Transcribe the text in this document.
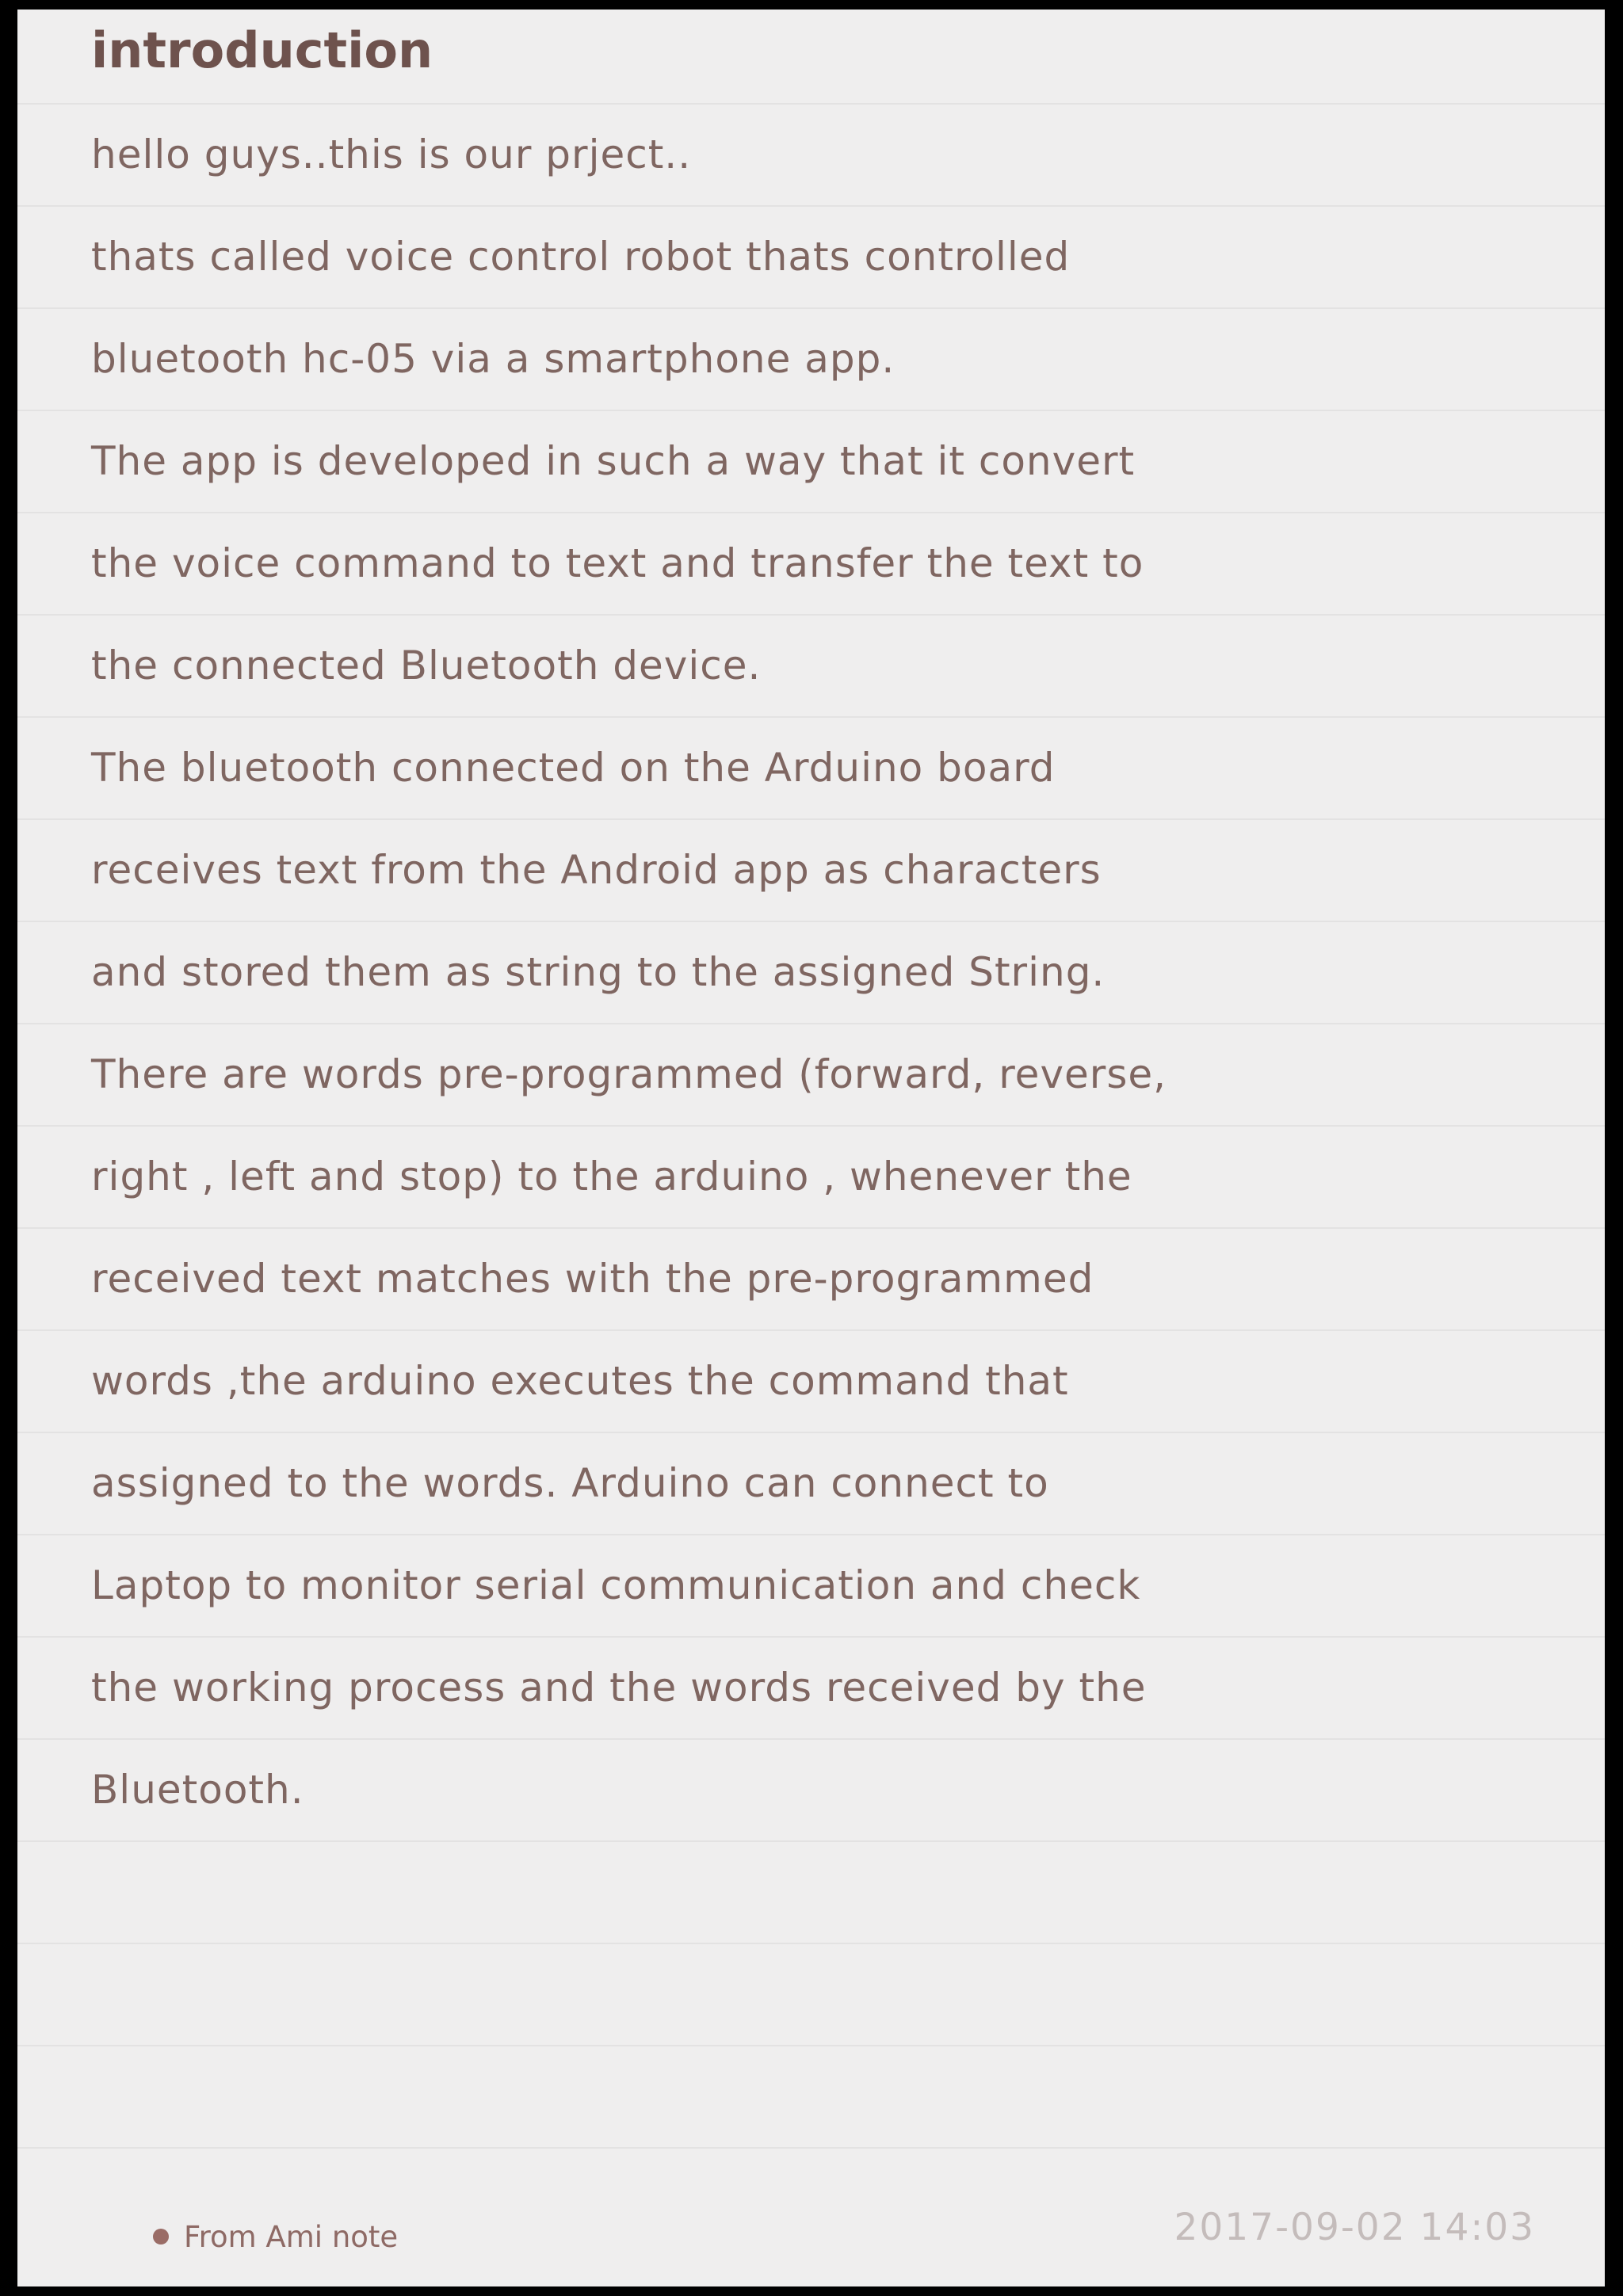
introduction
hello guys..this is our prject..
thats called voice control robot thats controlled
bluetooth hc-05 via a smartphone app.
The app is developed in such a way that it convert
the voice command to text and transfer the text to
the connected Bluetooth device.
The bluetooth connected on the Arduino board
receives text from the Android app as characters
and stored them as string to the assigned String.
There are words pre-programmed (forward, reverse,
right , left and stop) to the arduino , whenever the
received text matches with the pre-programmed
words ,the arduino executes the command that
assigned to the words. Arduino can connect to
Laptop to monitor serial communication and check
the working process and the words received by the
Bluetooth.
From Ami note	2017-09-02 14:03
